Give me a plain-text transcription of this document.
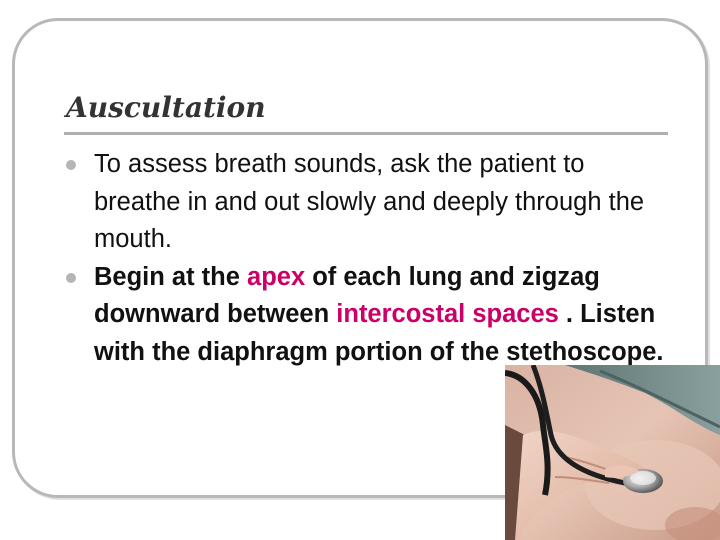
Auscultation
To assess breath sounds, ask the patient to breathe in and out slowly and deeply through the mouth.
Begin at the apex of each lung and zigzag downward between intercostal spaces . Listen with the diaphragm portion of the stethoscope.
